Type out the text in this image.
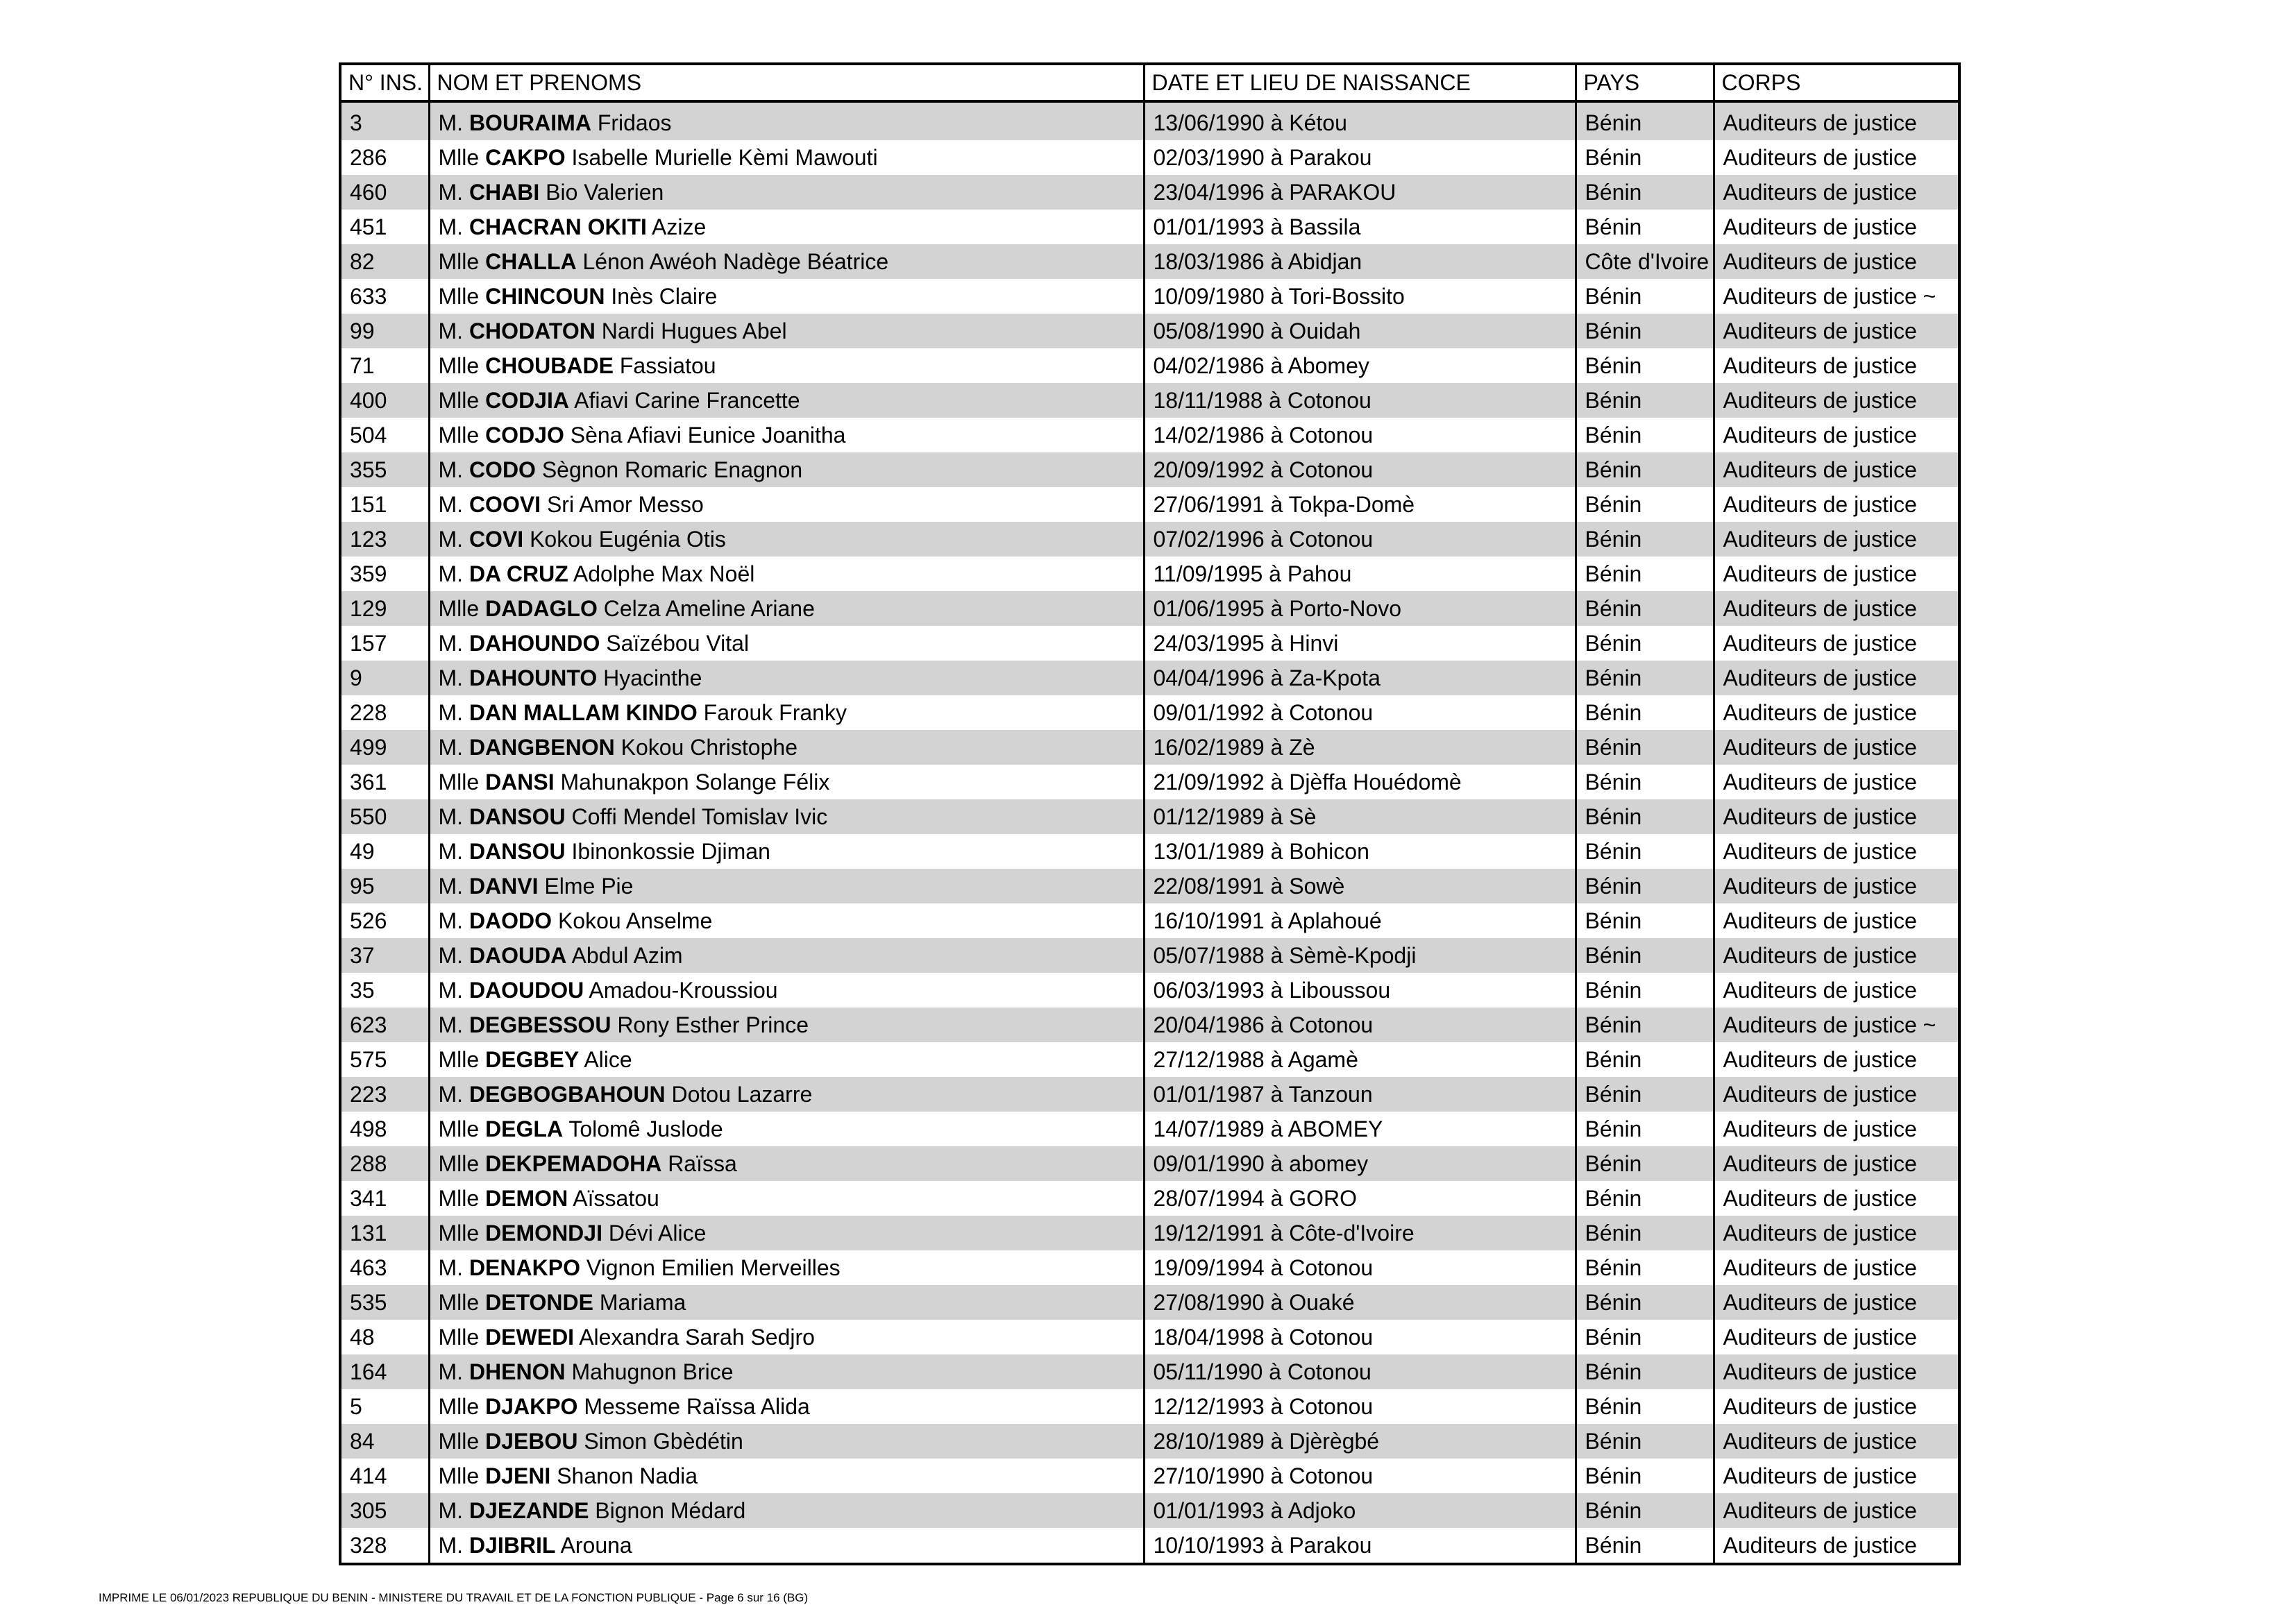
N° INS.	NOM ET PRENOMS	DATE ET LIEU DE NAISSANCE	PAYS	CORPS
3	M. BOURAIMA Fridaos	13/06/1990 à Kétou	Bénin	Auditeurs de justice
286	Mlle CAKPO Isabelle Murielle Kèmi Mawouti	02/03/1990 à Parakou	Bénin	Auditeurs de justice
460	M. CHABI Bio Valerien	23/04/1996 à PARAKOU	Bénin	Auditeurs de justice
451	M. CHACRAN OKITI Azize	01/01/1993 à Bassila	Bénin	Auditeurs de justice
82	Mlle CHALLA Lénon Awéoh Nadège Béatrice	18/03/1986 à Abidjan	Côte d'Ivoire	Auditeurs de justice
633	Mlle CHINCOUN Inès Claire	10/09/1980 à Tori-Bossito	Bénin	Auditeurs de justice ~
99	M. CHODATON Nardi Hugues Abel	05/08/1990 à Ouidah	Bénin	Auditeurs de justice
71	Mlle CHOUBADE Fassiatou	04/02/1986 à Abomey	Bénin	Auditeurs de justice
400	Mlle CODJIA Afiavi Carine Francette	18/11/1988 à Cotonou	Bénin	Auditeurs de justice
504	Mlle CODJO Sèna Afiavi Eunice Joanitha	14/02/1986 à Cotonou	Bénin	Auditeurs de justice
355	M. CODO Sègnon Romaric Enagnon	20/09/1992 à Cotonou	Bénin	Auditeurs de justice
151	M. COOVI Sri Amor Messo	27/06/1991 à Tokpa-Domè	Bénin	Auditeurs de justice
123	M. COVI Kokou Eugénia Otis	07/02/1996 à Cotonou	Bénin	Auditeurs de justice
359	M. DA CRUZ Adolphe Max Noël	11/09/1995 à Pahou	Bénin	Auditeurs de justice
129	Mlle DADAGLO Celza Ameline Ariane	01/06/1995 à Porto-Novo	Bénin	Auditeurs de justice
157	M. DAHOUNDO Saïzébou Vital	24/03/1995 à Hinvi	Bénin	Auditeurs de justice
9	M. DAHOUNTO Hyacinthe	04/04/1996 à Za-Kpota	Bénin	Auditeurs de justice
228	M. DAN MALLAM KINDO Farouk Franky	09/01/1992 à Cotonou	Bénin	Auditeurs de justice
499	M. DANGBENON Kokou Christophe	16/02/1989 à Zè	Bénin	Auditeurs de justice
361	Mlle DANSI Mahunakpon Solange Félix	21/09/1992 à Djèffa Houédomè	Bénin	Auditeurs de justice
550	M. DANSOU Coffi Mendel Tomislav Ivic	01/12/1989 à Sè	Bénin	Auditeurs de justice
49	M. DANSOU Ibinonkossie Djiman	13/01/1989 à Bohicon	Bénin	Auditeurs de justice
95	M. DANVI Elme Pie	22/08/1991 à Sowè	Bénin	Auditeurs de justice
526	M. DAODO Kokou Anselme	16/10/1991 à Aplahoué	Bénin	Auditeurs de justice
37	M. DAOUDA Abdul Azim	05/07/1988 à Sèmè-Kpodji	Bénin	Auditeurs de justice
35	M. DAOUDOU Amadou-Kroussiou	06/03/1993 à Liboussou	Bénin	Auditeurs de justice
623	M. DEGBESSOU Rony Esther Prince	20/04/1986 à Cotonou	Bénin	Auditeurs de justice ~
575	Mlle DEGBEY Alice	27/12/1988 à Agamè	Bénin	Auditeurs de justice
223	M. DEGBOGBAHOUN Dotou Lazarre	01/01/1987 à Tanzoun	Bénin	Auditeurs de justice
498	Mlle DEGLA Tolomê Juslode	14/07/1989 à ABOMEY	Bénin	Auditeurs de justice
288	Mlle DEKPEMADOHA Raïssa	09/01/1990 à abomey	Bénin	Auditeurs de justice
341	Mlle DEMON Aïssatou	28/07/1994 à GORO	Bénin	Auditeurs de justice
131	Mlle DEMONDJI Dévi Alice	19/12/1991 à Côte-d'Ivoire	Bénin	Auditeurs de justice
463	M. DENAKPO Vignon Emilien Merveilles	19/09/1994 à Cotonou	Bénin	Auditeurs de justice
535	Mlle DETONDE Mariama	27/08/1990 à Ouaké	Bénin	Auditeurs de justice
48	Mlle DEWEDI Alexandra Sarah Sedjro	18/04/1998 à Cotonou	Bénin	Auditeurs de justice
164	M. DHENON Mahugnon Brice	05/11/1990 à Cotonou	Bénin	Auditeurs de justice
5	Mlle DJAKPO Messeme Raïssa Alida	12/12/1993 à Cotonou	Bénin	Auditeurs de justice
84	Mlle DJEBOU Simon Gbèdétin	28/10/1989 à Djèrègbé	Bénin	Auditeurs de justice
414	Mlle DJENI Shanon Nadia	27/10/1990 à Cotonou	Bénin	Auditeurs de justice
305	M. DJEZANDE Bignon Médard	01/01/1993 à Adjoko	Bénin	Auditeurs de justice
328	M. DJIBRIL Arouna	10/10/1993 à Parakou	Bénin	Auditeurs de justice
IMPRIME LE 06/01/2023 REPUBLIQUE DU BENIN - MINISTERE DU TRAVAIL ET DE LA FONCTION PUBLIQUE - Page 6 sur 16 (BG)
